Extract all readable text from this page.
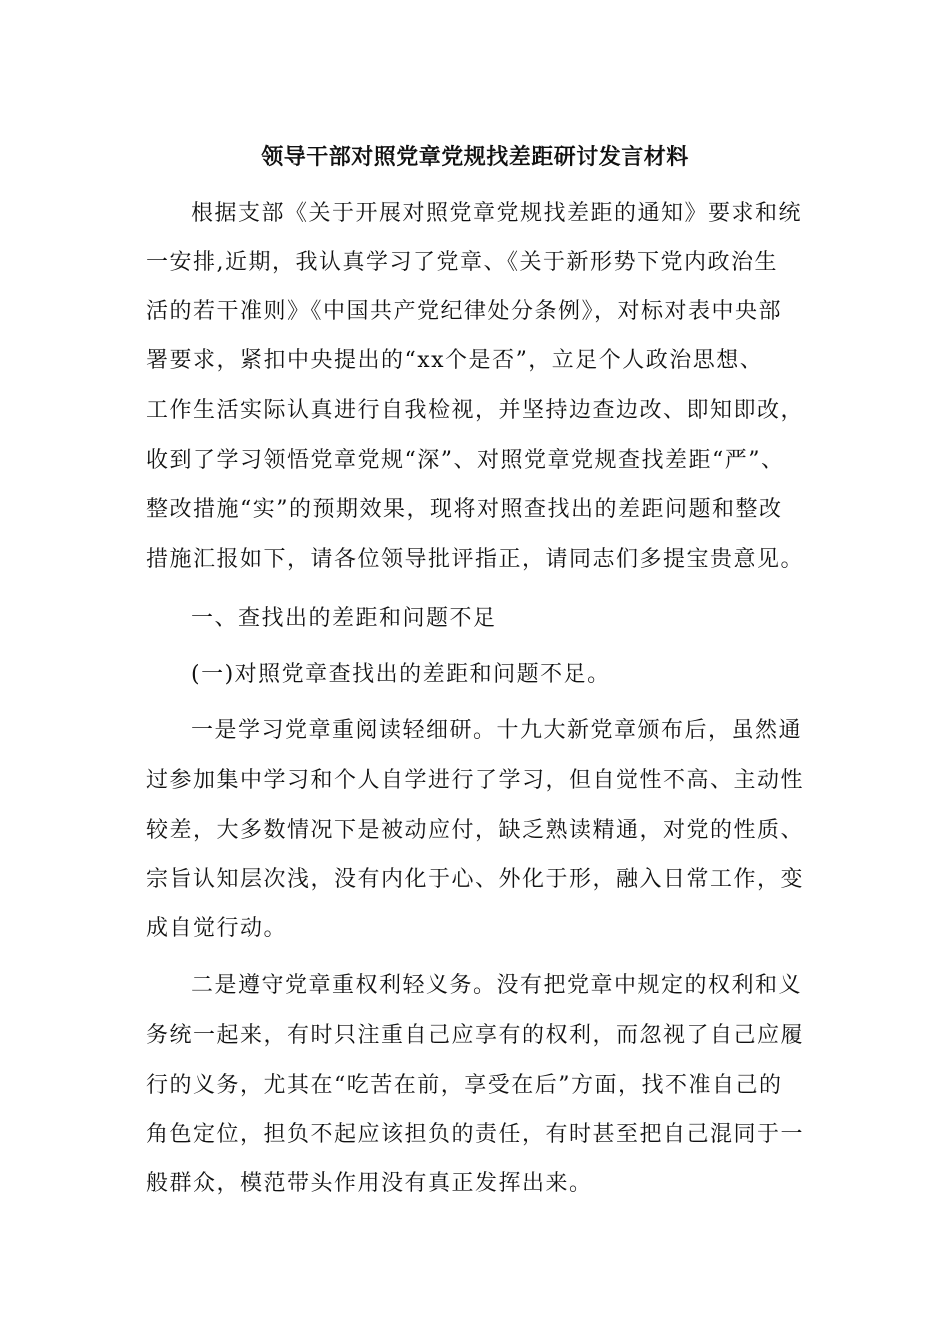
领导干部对照党章党规找差距研讨发言材料
根据支部《关于开展对照党章党规找差距的通知》要求和统
一安排,近期，我认真学习了党章、《关于新形势下党内政治生
活的若干准则》《中国共产党纪律处分条例》，对标对表中央部
署要求，紧扣中央提出的“xx个是否”，立足个人政治思想、
工作生活实际认真进行自我检视，并坚持边查边改、即知即改，
收到了学习领悟党章党规“深”、对照党章党规查找差距“严”、
整改措施“实”的预期效果，现将对照查找出的差距问题和整改
措施汇报如下，请各位领导批评指正，请同志们多提宝贵意见。
一、查找出的差距和问题不足
(一)对照党章查找出的差距和问题不足。
一是学习党章重阅读轻细研。十九大新党章颁布后，虽然通
过参加集中学习和个人自学进行了学习，但自觉性不高、主动性
较差，大多数情况下是被动应付，缺乏熟读精通，对党的性质、
宗旨认知层次浅，没有内化于心、外化于形，融入日常工作，变
成自觉行动。
二是遵守党章重权利轻义务。没有把党章中规定的权利和义
务统一起来，有时只注重自己应享有的权利，而忽视了自己应履
行的义务，尤其在“吃苦在前，享受在后”方面，找不准自己的
角色定位，担负不起应该担负的责任，有时甚至把自己混同于一
般群众，模范带头作用没有真正发挥出来。
